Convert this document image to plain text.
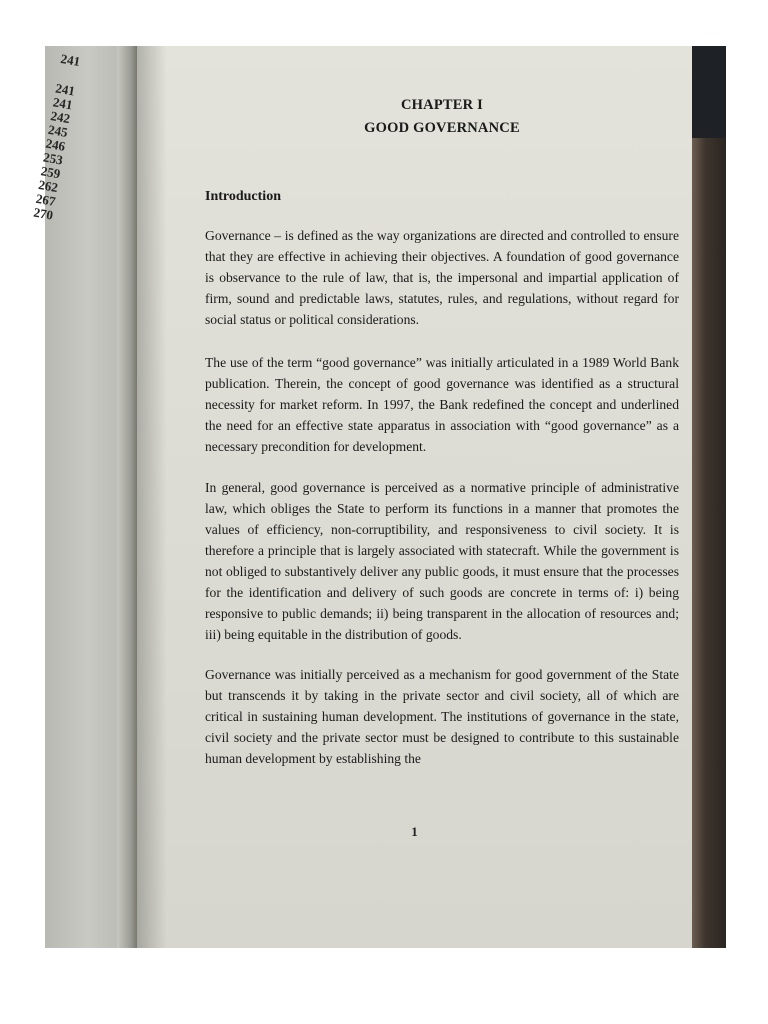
241
241
241
242
245
246
253
259
262
267
270
CHAPTER I
GOOD GOVERNANCE
Introduction

Governance – is defined as the way organizations are directed and controlled to ensure that they are effective in achieving their objectives. A foundation of good governance is observance to the rule of law, that is, the impersonal and impartial application of firm, sound and predictable laws, statutes, rules, and regulations, without regard for social status or political considerations.

The use of the term “good governance” was initially articulated in a 1989 World Bank publication. Therein, the concept of good governance was identified as a structural necessity for market reform. In 1997, the Bank redefined the concept and underlined the need for an effective state apparatus in association with “good governance” as a necessary precondition for development.

In general, good governance is perceived as a normative principle of administrative law, which obliges the State to perform its functions in a manner that promotes the values of efficiency, non-corruptibility, and responsiveness to civil society. It is therefore a principle that is largely associated with statecraft. While the government is not obliged to substantively deliver any public goods, it must ensure that the processes for the identification and delivery of such goods are concrete in terms of: i) being responsive to public demands; ii) being transparent in the allocation of resources and; iii) being equitable in the distribution of goods.

Governance was initially perceived as a mechanism for good government of the State but transcends it by taking in the private sector and civil society, all of which are critical in sustaining human development. The institutions of governance in the state, civil society and the private sector must be designed to contribute to this sustainable human development by establishing the

1
